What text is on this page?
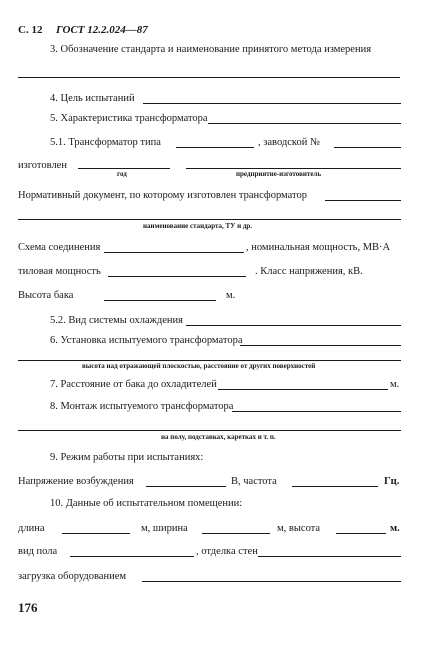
С. 12 ГОСТ 12.2.024—87
3. Обозначение стандарта и наименование принятого метода измерения
4. Цель испытаний
5. Характеристика трансформатора
5.1. Трансформатор типа	, заводской №
изготовлен
год	предприятие-изготовитель
Нормативный документ, по которому изготовлен трансформатор
наименование стандарта, ТУ и др.
Схема соединения	, номинальная мощность, МВ·А
тиловая мощность	. Класс напряжения, кВ.
Высота бака	м.
5.2. Вид системы охлаждения
6. Установка испытуемого трансформатора
высота над отражающей плоскостью, расстояние от других поверхностей
7. Расстояние от бака до охладителей	м.
8. Монтаж испытуемого трансформатора
на полу, подставках, каретках и т. п.
9. Режим работы при испытаниях:
Напряжение возбуждения	В, частота	Гц.
10. Данные об испытательном помещении:
длина	м, ширина	м, высота	м.
вид пола	, отделка стен
загрузка оборудованием
176
